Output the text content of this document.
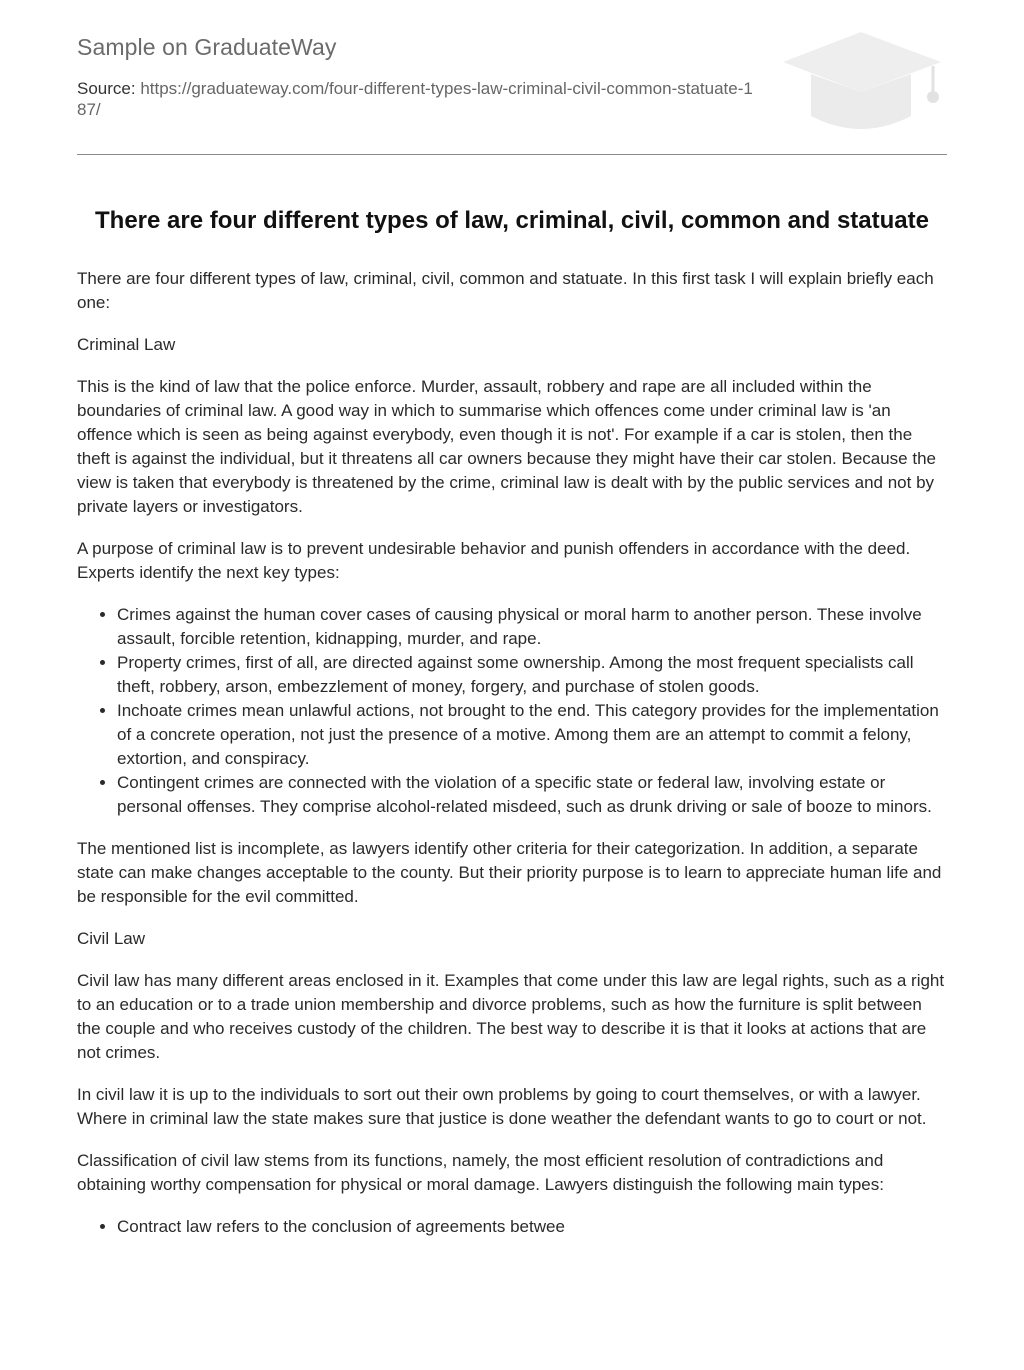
Sample on GraduateWay
Source: https://graduateway.com/four-different-types-law-criminal-civil-common-statuate-187/
There are four different types of law, criminal, civil, common and statuate

There are four different types of law, criminal, civil, common and statuate. In this first task I will explain briefly each one:

Criminal Law

This is the kind of law that the police enforce. Murder, assault, robbery and rape are all included within the boundaries of criminal law. A good way in which to summarise which offences come under criminal law is 'an offence which is seen as being against everybody, even though it is not'. For example if a car is stolen, then the theft is against the individual, but it threatens all car owners because they might have their car stolen. Because the view is taken that everybody is threatened by the crime, criminal law is dealt with by the public services and not by private layers or investigators.

A purpose of criminal law is to prevent undesirable behavior and punish offenders in accordance with the deed. Experts identify the next key types:

• Crimes against the human cover cases of causing physical or moral harm to another person. These involve assault, forcible retention, kidnapping, murder, and rape.
• Property crimes, first of all, are directed against some ownership. Among the most frequent specialists call theft, robbery, arson, embezzlement of money, forgery, and purchase of stolen goods.
• Inchoate crimes mean unlawful actions, not brought to the end. This category provides for the implementation of a concrete operation, not just the presence of a motive. Among them are an attempt to commit a felony, extortion, and conspiracy.
• Contingent crimes are connected with the violation of a specific state or federal law, involving estate or personal offenses. They comprise alcohol-related misdeed, such as drunk driving or sale of booze to minors.

The mentioned list is incomplete, as lawyers identify other criteria for their categorization. In addition, a separate state can make changes acceptable to the county. But their priority purpose is to learn to appreciate human life and be responsible for the evil committed.

Civil Law

Civil law has many different areas enclosed in it. Examples that come under this law are legal rights, such as a right to an education or to a trade union membership and divorce problems, such as how the furniture is split between the couple and who receives custody of the children. The best way to describe it is that it looks at actions that are not crimes.

In civil law it is up to the individuals to sort out their own problems by going to court themselves, or with a lawyer. Where in criminal law the state makes sure that justice is done weather the defendant wants to go to court or not.

Classification of civil law stems from its functions, namely, the most efficient resolution of contradictions and obtaining worthy compensation for physical or moral damage. Lawyers distinguish the following main types:

• Contract law refers to the conclusion of agreements betwee
